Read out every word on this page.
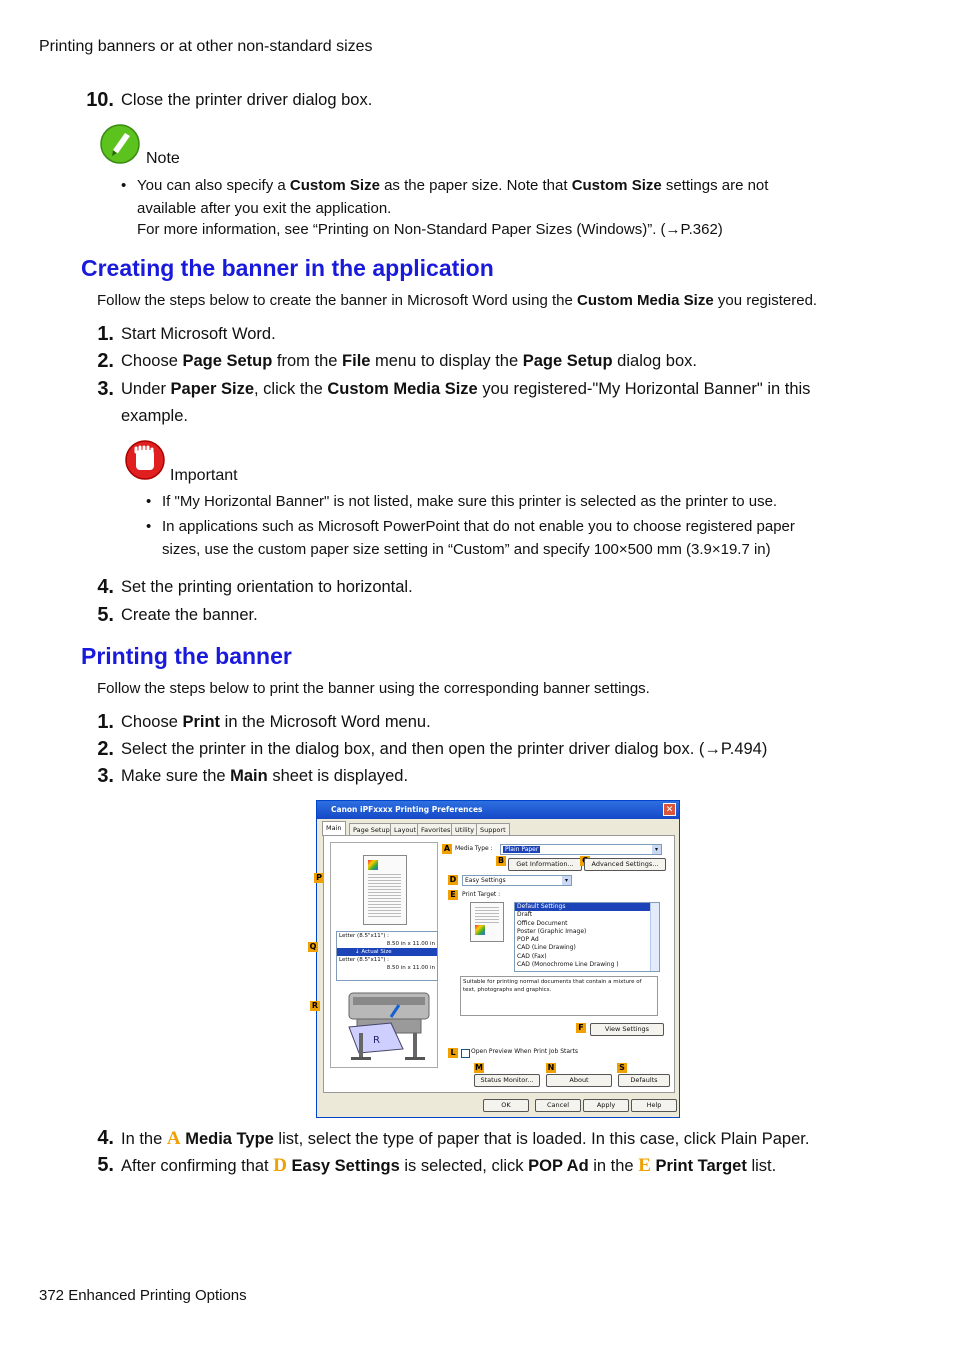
Printing banners or at other non-standard sizes
10. Close the printer driver dialog box.
Note
• You can also specify a Custom Size as the paper size. Note that Custom Size settings are not
available after you exit the application.
For more information, see “Printing on Non-Standard Paper Sizes (Windows)”. (→P.362)
Creating the banner in the application
Follow the steps below to create the banner in Microsoft Word using the Custom Media Size you registered.
1. Start Microsoft Word.
2. Choose Page Setup from the File menu to display the Page Setup dialog box.
3. Under Paper Size, click the Custom Media Size you registered-"My Horizontal Banner" in this
example.
Important
• If "My Horizontal Banner" is not listed, make sure this printer is selected as the printer to use.
• In applications such as Microsoft PowerPoint that do not enable you to choose registered paper
sizes, use the custom paper size setting in “Custom” and specify 100×500 mm (3.9×19.7 in)
4. Set the printing orientation to horizontal.
5. Create the banner.
Printing the banner
Follow the steps below to print the banner using the corresponding banner settings.
1. Choose Print in the Microsoft Word menu.
2. Select the printer in the dialog box, and then open the printer driver dialog box. (→P.494)
3. Make sure the Main sheet is displayed.
Canon iPFxxxx Printing Preferences	✕
Main	Page Setup Layout Favorites Utility Support
Letter (8.5"x11") :
8.50 in x 11.00 in
↓ Actual Size
Letter (8.5"x11") :
8.50 in x 11.00 in
R
P
Q
R
A Media Type :	Plain Paper	▾
B	Get Information...	Advanced Settings...
D	Easy Settings	▾
E	Print Target :
Default Settings
Draft
Office Document
Poster (Graphic Image)
POP Ad
CAD (Line Drawing)
CAD (Fax)
CAD (Monochrome Line Drawing )
Suitable for printing normal documents that contain a mixture of text, photographs and graphics.
F	View Settings
L	Open Preview When Print Job Starts
M	N	S
Status Monitor...	About	Defaults
OK	Cancel	Apply	Help
4. In the A Media Type list, select the type of paper that is loaded. In this case, click Plain Paper.
5. After confirming that D Easy Settings is selected, click POP Ad in the E Print Target list.
372 Enhanced Printing Options
